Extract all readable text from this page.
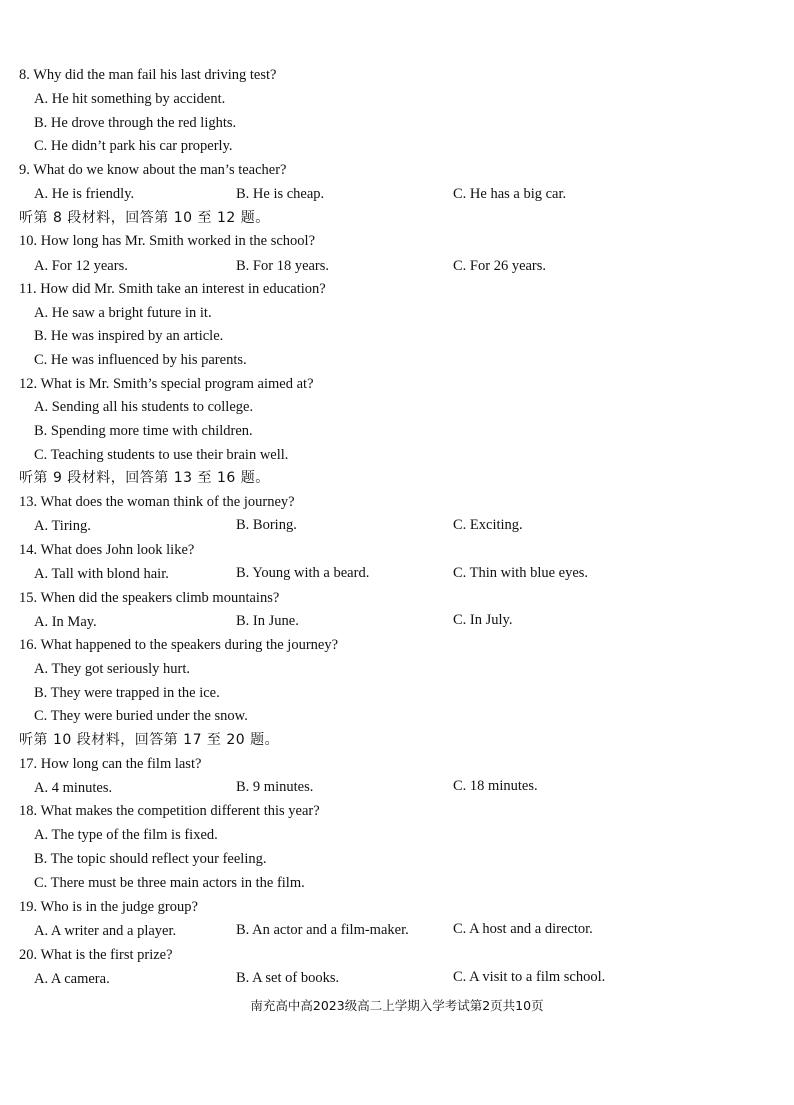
8. Why did the man fail his last driving test?
A. He hit something by accident.
B. He drove through the red lights.
C. He didn’t park his car properly.
9. What do we know about the man’s teacher?
A. He is friendly.	B. He is cheap.	C. He has a big car.
听第 8 段材料，回答第 10 至 12 题。
10. How long has Mr. Smith worked in the school?
A. For 12 years.	B. For 18 years.	C. For 26 years.
11. How did Mr. Smith take an interest in education?
A. He saw a bright future in it.
B. He was inspired by an article.
C. He was influenced by his parents.
12. What is Mr. Smith’s special program aimed at?
A. Sending all his students to college.
B. Spending more time with children.
C. Teaching students to use their brain well.
听第 9 段材料，回答第 13 至 16 题。
13. What does the woman think of the journey?
A. Tiring.	B. Boring.	C. Exciting.
14. What does John look like?
A. Tall with blond hair.	B. Young with a beard.	C. Thin with blue eyes.
15. When did the speakers climb mountains?
A. In May.	B. In June.	C. In July.
16. What happened to the speakers during the journey?
A. They got seriously hurt.
B. They were trapped in the ice.
C. They were buried under the snow.
听第 10 段材料，回答第 17 至 20 题。
17. How long can the film last?
A. 4 minutes.	B. 9 minutes.	C. 18 minutes.
18. What makes the competition different this year?
A. The type of the film is fixed.
B. The topic should reflect your feeling.
C. There must be three main actors in the film.
19. Who is in the judge group?
A. A writer and a player.	B. An actor and a film-maker.	C. A host and a director.
20. What is the first prize?
A. A camera.	B. A set of books.	C. A visit to a film school.
南充高中高2023级高二上学期入学考试第2页共10页
